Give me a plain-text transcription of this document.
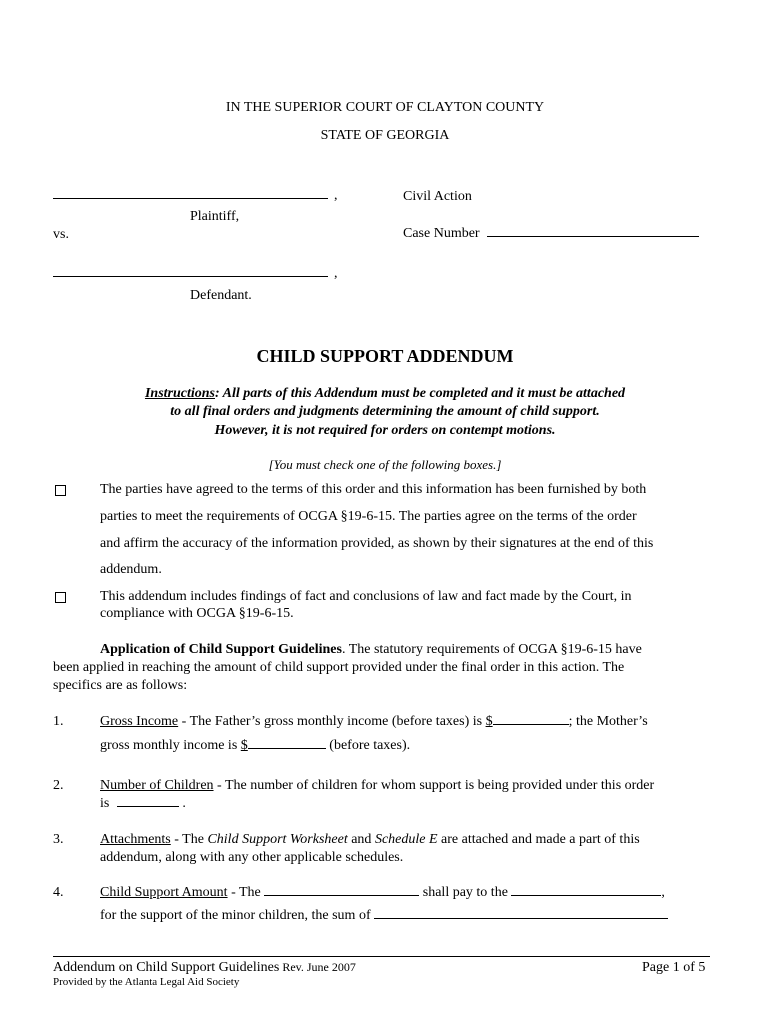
IN THE SUPERIOR COURT OF CLAYTON COUNTY
STATE OF GEORGIA
,
Plaintiff,
vs.
Civil Action
Case Number
,
Defendant.
CHILD SUPPORT ADDENDUM
Instructions: All parts of this Addendum must be completed and it must be attached
to all final orders and judgments determining the amount of child support.
However, it is not required for orders on contempt motions.
[You must check one of the following boxes.]
The parties have agreed to the terms of this order and this information has been furnished by both
parties to meet the requirements of OCGA §19-6-15. The parties agree on the terms of the order
and affirm the accuracy of the information provided, as shown by their signatures at the end of this
addendum.
This addendum includes findings of fact and conclusions of law and fact made by the Court, in
compliance with OCGA §19-6-15.
Application of Child Support Guidelines. The statutory requirements of OCGA §19-6-15 have
been applied in reaching the amount of child support provided under the final order in this action. The
specifics are as follows:
1.	Gross Income - The Father’s gross monthly income (before taxes) is $	; the Mother’s
gross monthly income is $	(before taxes).
2.	Number of Children - The number of children for whom support is being provided under this order
is	.
3.	Attachments - The Child Support Worksheet and Schedule E are attached and made a part of this
addendum, along with any other applicable schedules.
4.	Child Support Amount - The	shall pay to the	,
for the support of the minor children, the sum of
Addendum on Child Support Guidelines Rev. June 2007	Page 1 of 5
Provided by the Atlanta Legal Aid Society
